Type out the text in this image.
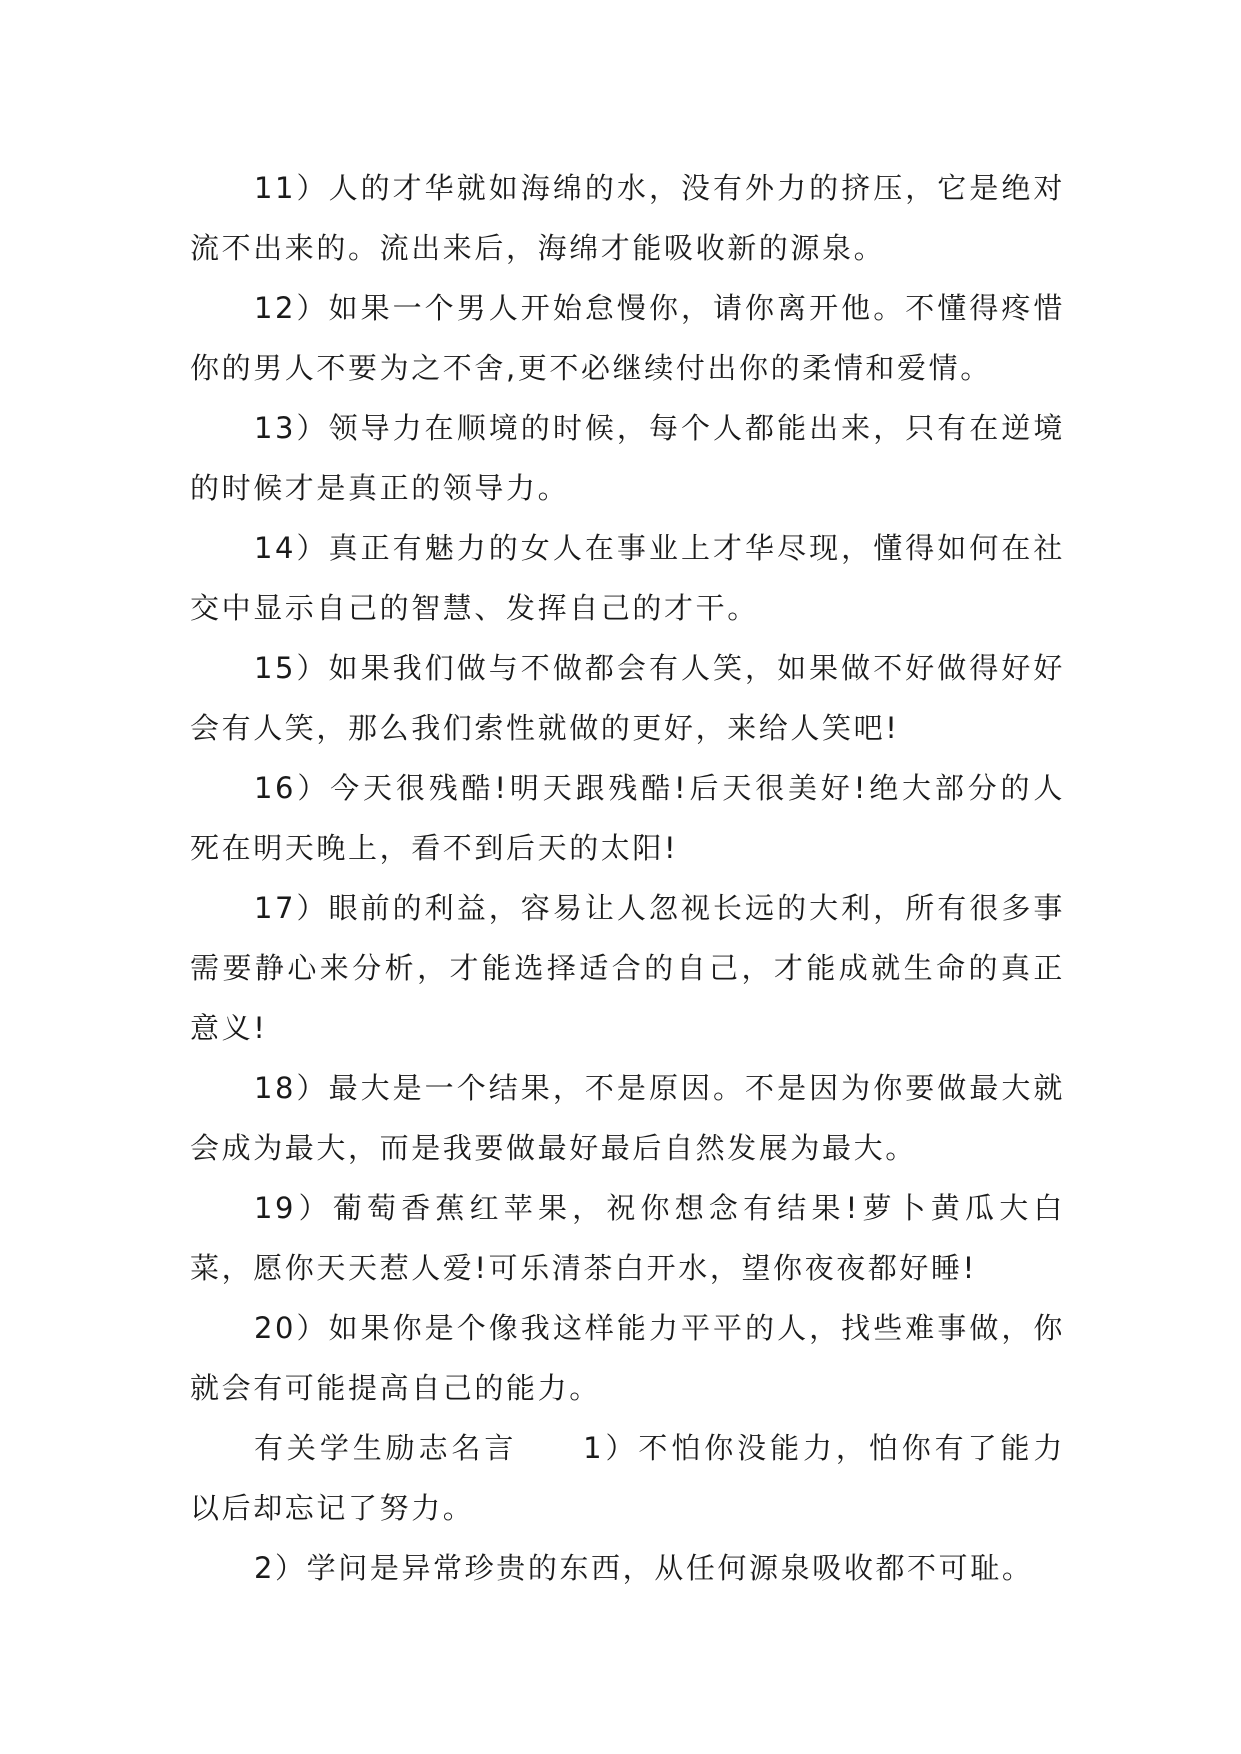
11）人的才华就如海绵的水，没有外力的挤压，它是绝对流不出来的。流出来后，海绵才能吸收新的源泉。

12）如果一个男人开始怠慢你，请你离开他。不懂得疼惜你的男人不要为之不舍,更不必继续付出你的柔情和爱情。

13）领导力在顺境的时候，每个人都能出来，只有在逆境的时候才是真正的领导力。

14）真正有魅力的女人在事业上才华尽现，懂得如何在社交中显示自己的智慧、发挥自己的才干。

15）如果我们做与不做都会有人笑，如果做不好做得好好会有人笑，那么我们索性就做的更好，来给人笑吧!

16）今天很残酷!明天跟残酷!后天很美好!绝大部分的人死在明天晚上，看不到后天的太阳!

17）眼前的利益，容易让人忽视长远的大利，所有很多事需要静心来分析，才能选择适合的自己，才能成就生命的真正意义!

18）最大是一个结果，不是原因。不是因为你要做最大就会成为最大，而是我要做最好最后自然发展为最大。

19）葡萄香蕉红苹果，祝你想念有结果!萝卜黄瓜大白菜，愿你天天惹人爱!可乐清茶白开水，望你夜夜都好睡!

20）如果你是个像我这样能力平平的人，找些难事做，你就会有可能提高自己的能力。

有关学生励志名言　　1）不怕你没能力，怕你有了能力以后却忘记了努力。

2）学问是异常珍贵的东西，从任何源泉吸收都不可耻。
